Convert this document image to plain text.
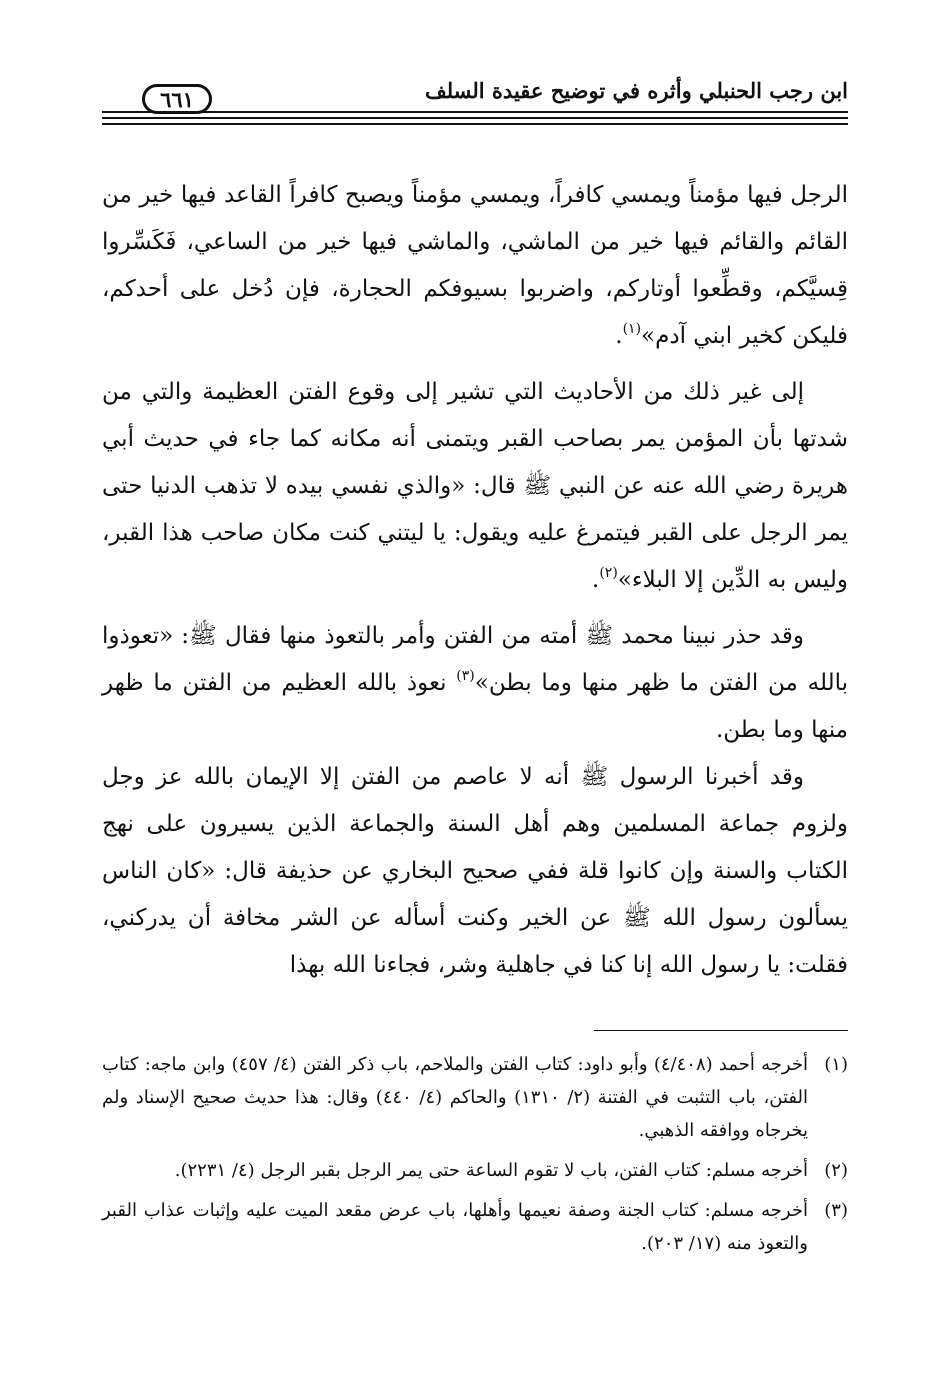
ابن رجب الحنبلي وأثره في توضيح عقيدة السلف
٦٦١

الرجل فيها مؤمناً ويمسي كافراً، ويمسي مؤمناً ويصبح كافراً القاعد فيها خير من القائم والقائم فيها خير من الماشي، والماشي فيها خير من الساعي، فَكَسِّروا قِسيَّكم، وقطِّعوا أوتاركم، واضربوا بسيوفكم الحجارة، فإن دُخل على أحدكم، فليكن كخير ابني آدم»$^{(١)}$.

إلى غير ذلك من الأحاديث التي تشير إلى وقوع الفتن العظيمة والتي من شدتها بأن المؤمن يمر بصاحب القبر ويتمنى أنه مكانه كما جاء في حديث أبي هريرة رضي الله عنه عن النبي ﷺ قال: «والذي نفسي بيده لا تذهب الدنيا حتى يمر الرجل على القبر فيتمرغ عليه ويقول: يا ليتني كنت مكان صاحب هذا القبر، وليس به الدِّين إلا البلاء»$^{(٢)}$.

وقد حذر نبينا محمد ﷺ أمته من الفتن وأمر بالتعوذ منها فقال ﷺ: «تعوذوا بالله من الفتن ما ظهر منها وما بطن»$^{(٣)}$ نعوذ بالله العظيم من الفتن ما ظهر منها وما بطن.

وقد أخبرنا الرسول ﷺ أنه لا عاصم من الفتن إلا الإيمان بالله عز وجل ولزوم جماعة المسلمين وهم أهل السنة والجماعة الذين يسيرون على نهج الكتاب والسنة وإن كانوا قلة ففي صحيح البخاري عن حذيفة قال: «كان الناس يسألون رسول الله ﷺ عن الخير وكنت أسأله عن الشر مخافة أن يدركني، فقلت: يا رسول الله إنا كنا في جاهلية وشر، فجاءنا الله بهذا

(١)
أخرجه أحمد (٤/٤٠٨) وأبو داود: كتاب الفتن والملاحم، باب ذكر الفتن (٤/ ٤٥٧) وابن ماجه: كتاب الفتن، باب التثبت في الفتنة (٢/ ١٣١٠) والحاكم (٤/ ٤٤٠) وقال: هذا حديث صحيح الإسناد ولم يخرجاه ووافقه الذهبي.
(٢)
أخرجه مسلم: كتاب الفتن، باب لا تقوم الساعة حتى يمر الرجل بقبر الرجل (٤/ ٢٢٣١).
(٣)
أخرجه مسلم: كتاب الجنة وصفة نعيمها وأهلها، باب عرض مقعد الميت عليه وإثبات عذاب القبر والتعوذ منه (١٧/ ٢٠٣).
